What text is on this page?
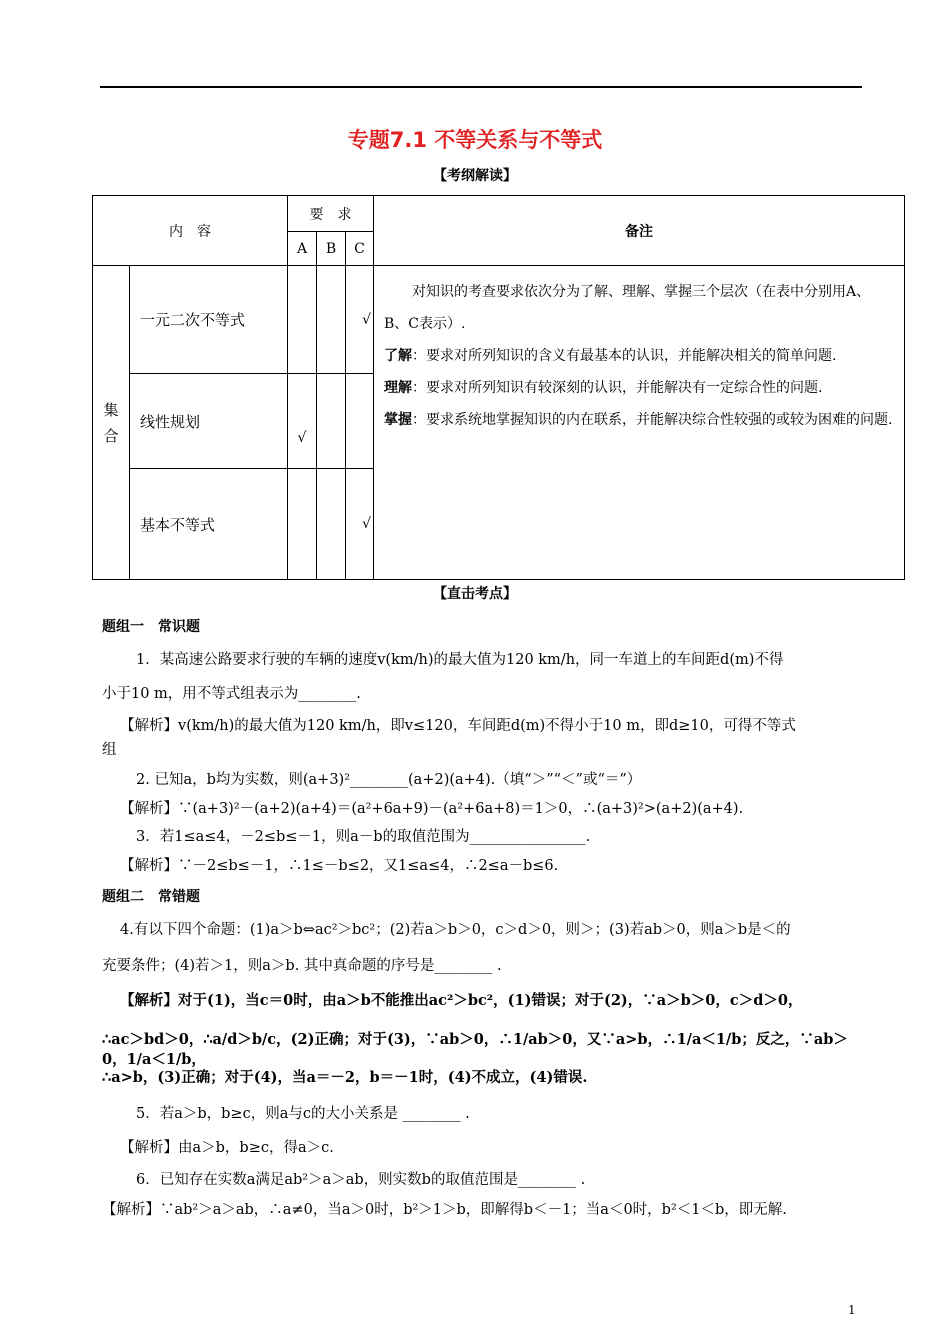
专题7.1 不等关系与不等式
【考纲解读】
内　容		要　求			备注
		A	B	C	
集合	一元二次不等式			√	对知识的考查要求依次分为了解、理解、掌握三个层次（在表中分别用A、B、C表示）.

了解：要求对所列知识的含义有最基本的认识，并能解决相关的简单问题.

理解：要求对所列知识有较深刻的认识，并能解决有一定综合性的问题.

掌握：要求系统地掌握知识的内在联系，并能解决综合性较强的或较为困难的问题.

	线性规划	√			
	基本不等式			√	
【直击考点】
题组一　常识题
1．某高速公路要求行驶的车辆的速度v(km/h)的最大值为120 km/h，同一车道上的车间距d(m)不得
小于10 m，用不等式组表示为________.
【解析】v(km/h)的最大值为120 km/h，即v≤120，车间距d(m)不得小于10 m，即d≥10，可得不等式
组
2. 已知a，b均为实数，则(a+3)²________(a+2)(a+4).（填“＞”“＜”或“＝”）
【解析】∵(a+3)²－(a+2)(a+4)＝(a²+6a+9)－(a²+6a+8)＝1＞0，∴(a+3)²>(a+2)(a+4).
3．若1≤a≤4，－2≤b≤－1，则a－b的取值范围为________________.
【解析】∵－2≤b≤－1，∴1≤－b≤2，又1≤a≤4，∴2≤a－b≤6.
题组二　常错题
4.有以下四个命题：(1)a＞b⇔ac²＞bc²；(2)若a＞b＞0，c＞d＞0，则＞；(3)若ab＞0，则a＞b是＜的
充要条件；(4)若＞1，则a＞b. 其中真命题的序号是________ .
【解析】对于(1)，当c＝0时，由a＞b不能推出ac²＞bc²，(1)错误；对于(2)，∵a＞b＞0，c＞d＞0，
∴ac＞bd＞0，∴a/d＞b/c，(2)正确；对于(3)，∵ab＞0，∴1/ab＞0，又∵a>b，∴1/a＜1/b；反之，∵ab＞0，1/a＜1/b，
∴a>b，(3)正确；对于(4)，当a＝－2，b＝－1时，(4)不成立，(4)错误.
5．若a＞b，b≥c，则a与c的大小关系是 ________ .
【解析】由a＞b，b≥c，得a＞c.
6．已知存在实数a满足ab²＞a＞ab，则实数b的取值范围是________ .
【解析】∵ab²＞a＞ab，∴a≠0，当a＞0时，b²＞1＞b，即解得b＜－1；当a＜0时，b²＜1＜b，即无解.
1
